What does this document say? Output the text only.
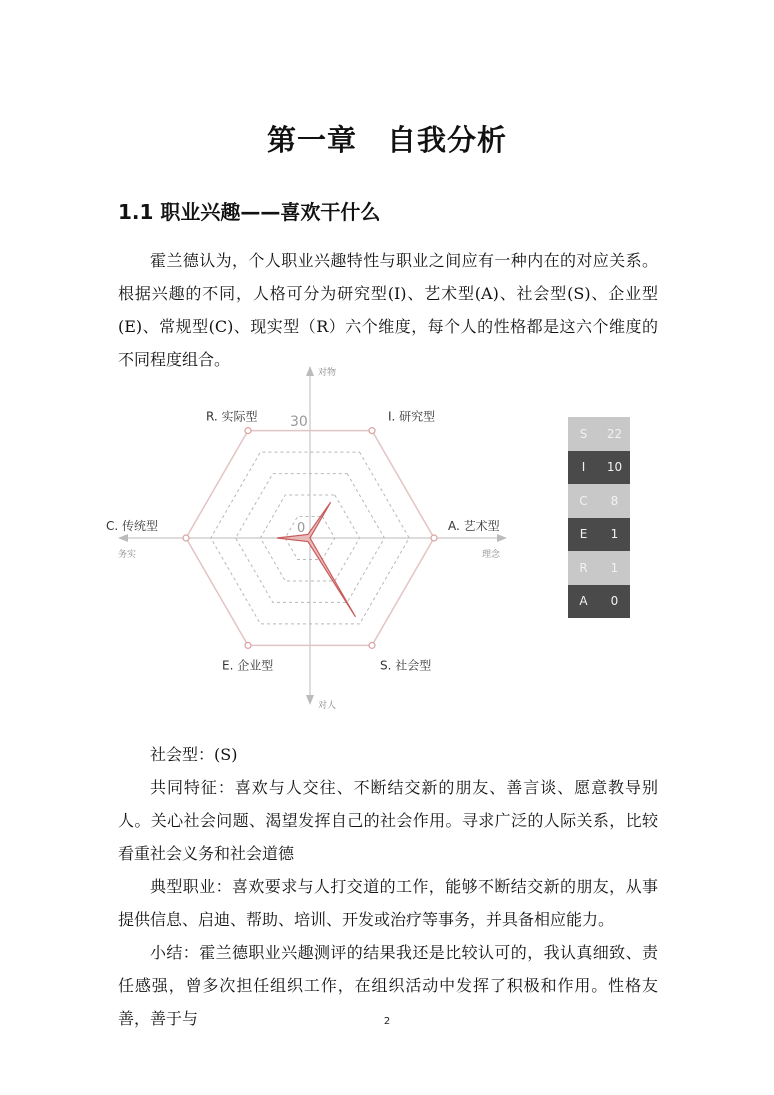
第一章　自我分析
1.1 职业兴趣——喜欢干什么
霍兰德认为，个人职业兴趣特性与职业之间应有一种内在的对应关系。根据兴趣的不同，人格可分为研究型(I)、艺术型(A)、社会型(S)、企业型(E)、常规型(C)、现实型（R）六个维度，每个人的性格都是这六个维度的不同程度组合。
I. 研究型
A. 艺术型
S. 社会型
E. 企业型
C. 传统型
R. 实际型
对物
对人
务实	理念
30
0
S	22
I	10
C	8
E	1
R	1
A	0
社会型：(S)
共同特征：喜欢与人交往、不断结交新的朋友、善言谈、愿意教导别人。关心社会问题、渴望发挥自己的社会作用。寻求广泛的人际关系，比较看重社会义务和社会道德
典型职业：喜欢要求与人打交道的工作，能够不断结交新的朋友，从事提供信息、启迪、帮助、培训、开发或治疗等事务，并具备相应能力。
小结：霍兰德职业兴趣测评的结果我还是比较认可的，我认真细致、责任感强，曾多次担任组织工作，在组织活动中发挥了积极和作用。性格友善，善于与	2
